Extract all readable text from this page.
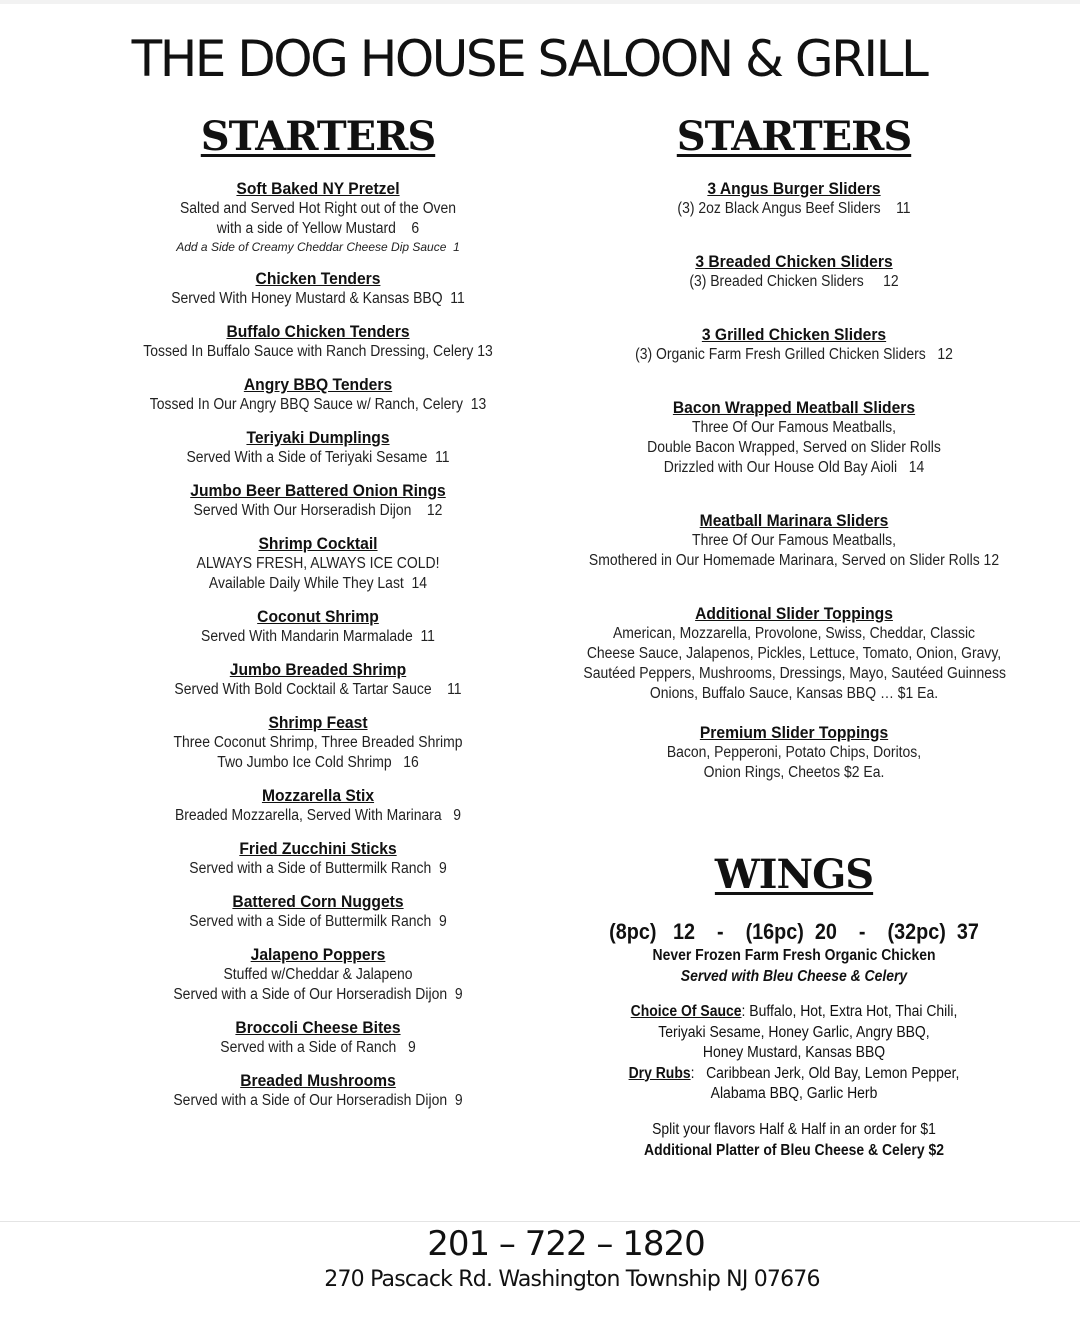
THE DOG HOUSE SALOON & GRILL
STARTERS
Soft Baked NY Pretzel
Salted and Served Hot Right out of the Oven
with a side of Yellow Mustard    6
Add a Side of Creamy Cheddar Cheese Dip Sauce  1
Chicken Tenders
Served With Honey Mustard & Kansas BBQ  11
Buffalo Chicken Tenders
Tossed In Buffalo Sauce with Ranch Dressing, Celery 13
Angry BBQ Tenders
Tossed In Our Angry BBQ Sauce w/ Ranch, Celery  13
Teriyaki Dumplings
Served With a Side of Teriyaki Sesame  11
Jumbo Beer Battered Onion Rings
Served With Our Horseradish Dijon    12
Shrimp Cocktail
ALWAYS FRESH, ALWAYS ICE COLD!
Available Daily While They Last  14
Coconut Shrimp
Served With Mandarin Marmalade  11
Jumbo Breaded Shrimp
Served With Bold Cocktail & Tartar Sauce    11
Shrimp Feast
Three Coconut Shrimp, Three Breaded Shrimp
Two Jumbo Ice Cold Shrimp   16
Mozzarella Stix
Breaded Mozzarella, Served With Marinara   9
Fried Zucchini Sticks
Served with a Side of Buttermilk Ranch  9
Battered Corn Nuggets
Served with a Side of Buttermilk Ranch  9
Jalapeno Poppers
Stuffed w/Cheddar & Jalapeno
Served with a Side of Our Horseradish Dijon  9
Broccoli Cheese Bites
Served with a Side of Ranch   9
Breaded Mushrooms
Served with a Side of Our Horseradish Dijon  9
STARTERS
3 Angus Burger Sliders
(3) 2oz Black Angus Beef Sliders    11
3 Breaded Chicken Sliders
(3) Breaded Chicken Sliders     12
3 Grilled Chicken Sliders
(3) Organic Farm Fresh Grilled Chicken Sliders   12
Bacon Wrapped Meatball Sliders
Three Of Our Famous Meatballs,
Double Bacon Wrapped, Served on Slider Rolls
Drizzled with Our House Old Bay Aioli   14
Meatball Marinara Sliders
Three Of Our Famous Meatballs,
Smothered in Our Homemade Marinara, Served on Slider Rolls 12
Additional Slider Toppings
American, Mozzarella, Provolone, Swiss, Cheddar, Classic
Cheese Sauce, Jalapenos, Pickles, Lettuce, Tomato, Onion, Gravy,
Sautéed Peppers, Mushrooms, Dressings, Mayo, Sautéed Guinness
Onions, Buffalo Sauce, Kansas BBQ … $1 Ea.
Premium Slider Toppings
Bacon, Pepperoni, Potato Chips, Doritos,
Onion Rings, Cheetos $2 Ea.
WINGS
(8pc)   12    -    (16pc)  20    -    (32pc)  37
Never Frozen Farm Fresh Organic Chicken
Served with Bleu Cheese & Celery
Choice Of Sauce: Buffalo, Hot, Extra Hot, Thai Chili,
Teriyaki Sesame, Honey Garlic, Angry BBQ,
Honey Mustard, Kansas BBQ
Dry Rubs:   Caribbean Jerk, Old Bay, Lemon Pepper,
Alabama BBQ, Garlic Herb
Split your flavors Half & Half in an order for $1
Additional Platter of Bleu Cheese & Celery $2
201 – 722 – 1820
270 Pascack Rd. Washington Township NJ 07676
